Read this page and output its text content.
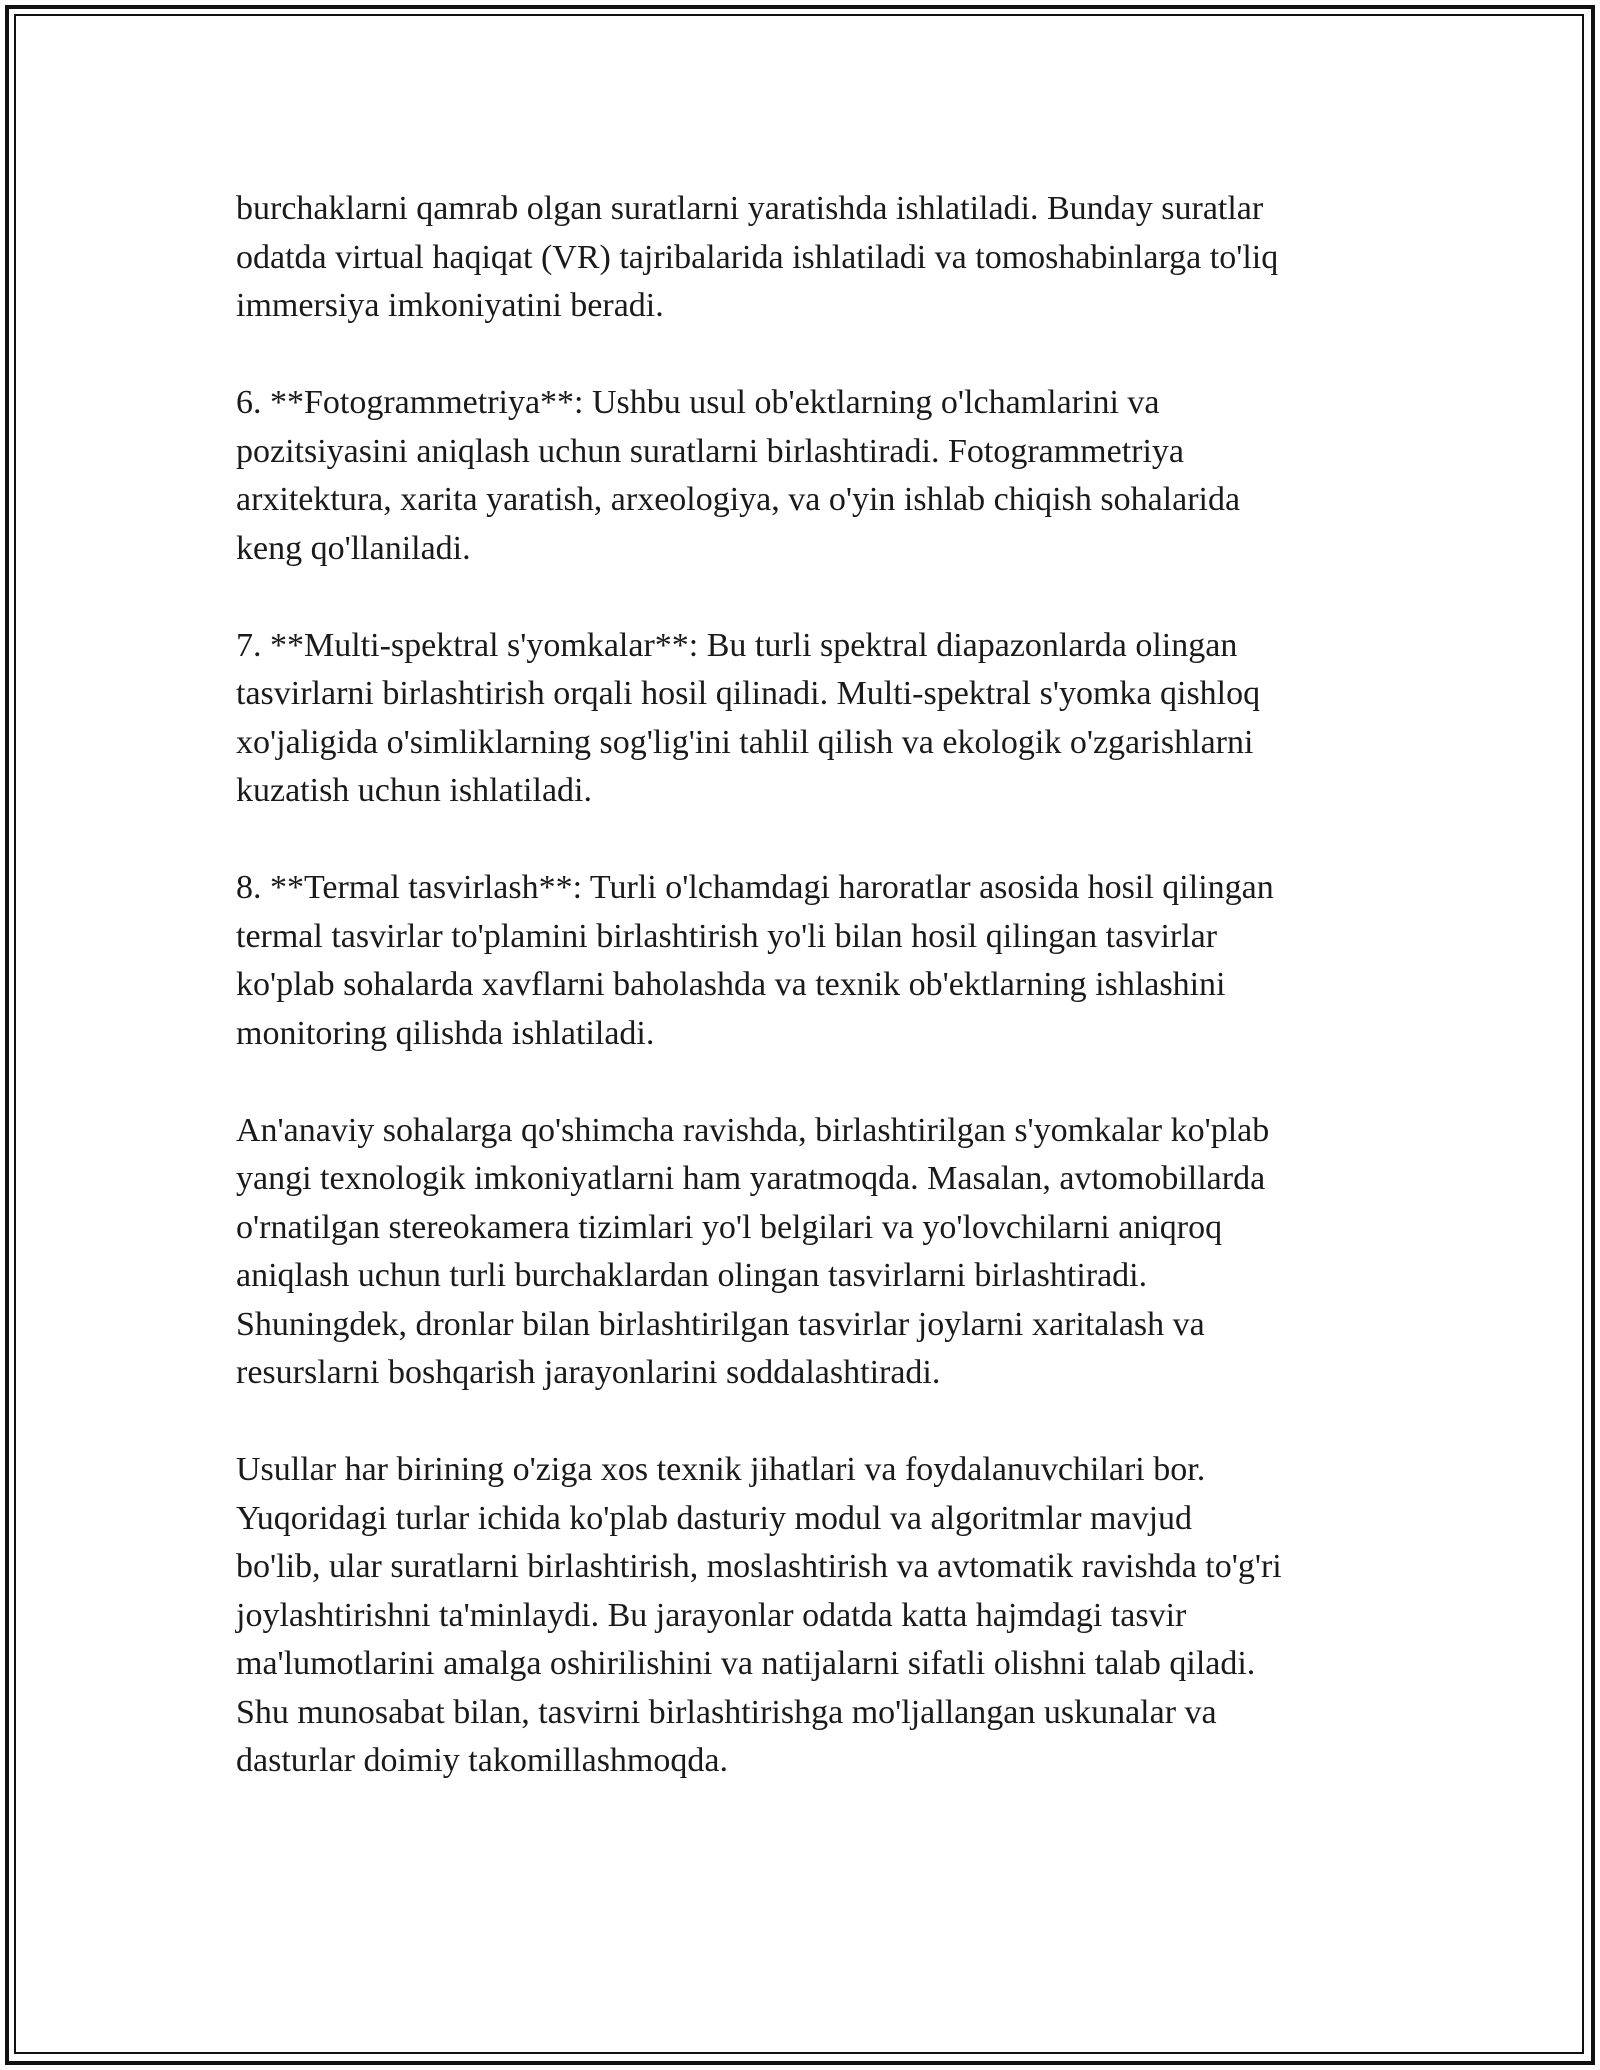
burchaklarni qamrab olgan suratlarni yaratishda ishlatiladi. Bunday suratlar
odatda virtual haqiqat (VR) tajribalarida ishlatiladi va tomoshabinlarga to'liq
immersiya imkoniyatini beradi.

6. **Fotogrammetriya**: Ushbu usul ob'ektlarning o'lchamlarini va
pozitsiyasini aniqlash uchun suratlarni birlashtiradi. Fotogrammetriya
arxitektura, xarita yaratish, arxeologiya, va o'yin ishlab chiqish sohalarida
keng qo'llaniladi.

7. **Multi-spektral s'yomkalar**: Bu turli spektral diapazonlarda olingan
tasvirlarni birlashtirish orqali hosil qilinadi. Multi-spektral s'yomka qishloq
xo'jaligida o'simliklarning sog'lig'ini tahlil qilish va ekologik o'zgarishlarni
kuzatish uchun ishlatiladi.

8. **Termal tasvirlash**: Turli o'lchamdagi haroratlar asosida hosil qilingan
termal tasvirlar to'plamini birlashtirish yo'li bilan hosil qilingan tasvirlar
ko'plab sohalarda xavflarni baholashda va texnik ob'ektlarning ishlashini
monitoring qilishda ishlatiladi.

An'anaviy sohalarga qo'shimcha ravishda, birlashtirilgan s'yomkalar ko'plab
yangi texnologik imkoniyatlarni ham yaratmoqda. Masalan, avtomobillarda
o'rnatilgan stereokamera tizimlari yo'l belgilari va yo'lovchilarni aniqroq
aniqlash uchun turli burchaklardan olingan tasvirlarni birlashtiradi.
Shuningdek, dronlar bilan birlashtirilgan tasvirlar joylarni xaritalash va
resurslarni boshqarish jarayonlarini soddalashtiradi.

Usullar har birining o'ziga xos texnik jihatlari va foydalanuvchilari bor.
Yuqoridagi turlar ichida ko'plab dasturiy modul va algoritmlar mavjud
bo'lib, ular suratlarni birlashtirish, moslashtirish va avtomatik ravishda to'g'ri
joylashtirishni ta'minlaydi. Bu jarayonlar odatda katta hajmdagi tasvir
ma'lumotlarini amalga oshirilishini va natijalarni sifatli olishni talab qiladi.
Shu munosabat bilan, tasvirni birlashtirishga mo'ljallangan uskunalar va
dasturlar doimiy takomillashmoqda.
